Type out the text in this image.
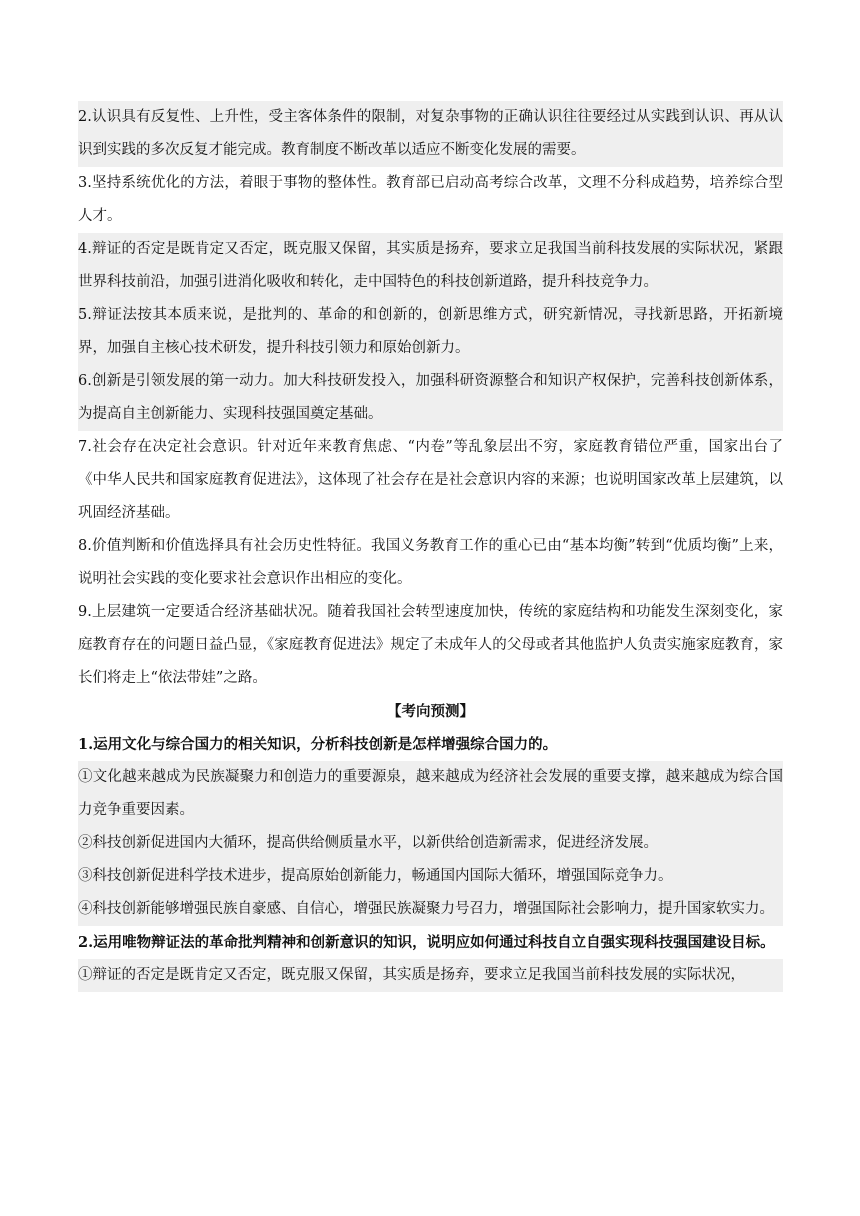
2.认识具有反复性、上升性，受主客体条件的限制，对复杂事物的正确认识往往要经过从实践到认识、再从认识到实践的多次反复才能完成。教育制度不断改革以适应不断变化发展的需要。
3.坚持系统优化的方法，着眼于事物的整体性。教育部已启动高考综合改革，文理不分科成趋势，培养综合型人才。
4.辩证的否定是既肯定又否定，既克服又保留，其实质是扬弃，要求立足我国当前科技发展的实际状况，紧跟世界科技前沿，加强引进消化吸收和转化，走中国特色的科技创新道路，提升科技竞争力。
5.辩证法按其本质来说，是批判的、革命的和创新的，创新思维方式，研究新情况，寻找新思路，开拓新境界，加强自主核心技术研发，提升科技引领力和原始创新力。
6.创新是引领发展的第一动力。加大科技研发投入，加强科研资源整合和知识产权保护，完善科技创新体系，为提高自主创新能力、实现科技强国奠定基础。
7.社会存在决定社会意识。针对近年来教育焦虑、“内卷”等乱象层出不穷，家庭教育错位严重，国家出台了《中华人民共和国家庭教育促进法》，这体现了社会存在是社会意识内容的来源；也说明国家改革上层建筑，以巩固经济基础。
8.价值判断和价值选择具有社会历史性特征。我国义务教育工作的重心已由“基本均衡”转到“优质均衡”上来，说明社会实践的变化要求社会意识作出相应的变化。
9.上层建筑一定要适合经济基础状况。随着我国社会转型速度加快，传统的家庭结构和功能发生深刻变化，家庭教育存在的问题日益凸显，《家庭教育促进法》规定了未成年人的父母或者其他监护人负责实施家庭教育，家长们将走上“依法带娃”之路。
【考向预测】
1.运用文化与综合国力的相关知识，分析科技创新是怎样增强综合国力的。
①文化越来越成为民族凝聚力和创造力的重要源泉，越来越成为经济社会发展的重要支撑，越来越成为综合国力竞争重要因素。
②科技创新促进国内大循环，提高供给侧质量水平，以新供给创造新需求，促进经济发展。
③科技创新促进科学技术进步，提高原始创新能力，畅通国内国际大循环，增强国际竞争力。
④科技创新能够增强民族自豪感、自信心，增强民族凝聚力号召力，增强国际社会影响力，提升国家软实力。
2.运用唯物辩证法的革命批判精神和创新意识的知识，说明应如何通过科技自立自强实现科技强国建设目标。
①辩证的否定是既肯定又否定，既克服又保留，其实质是扬弃，要求立足我国当前科技发展的实际状况，
